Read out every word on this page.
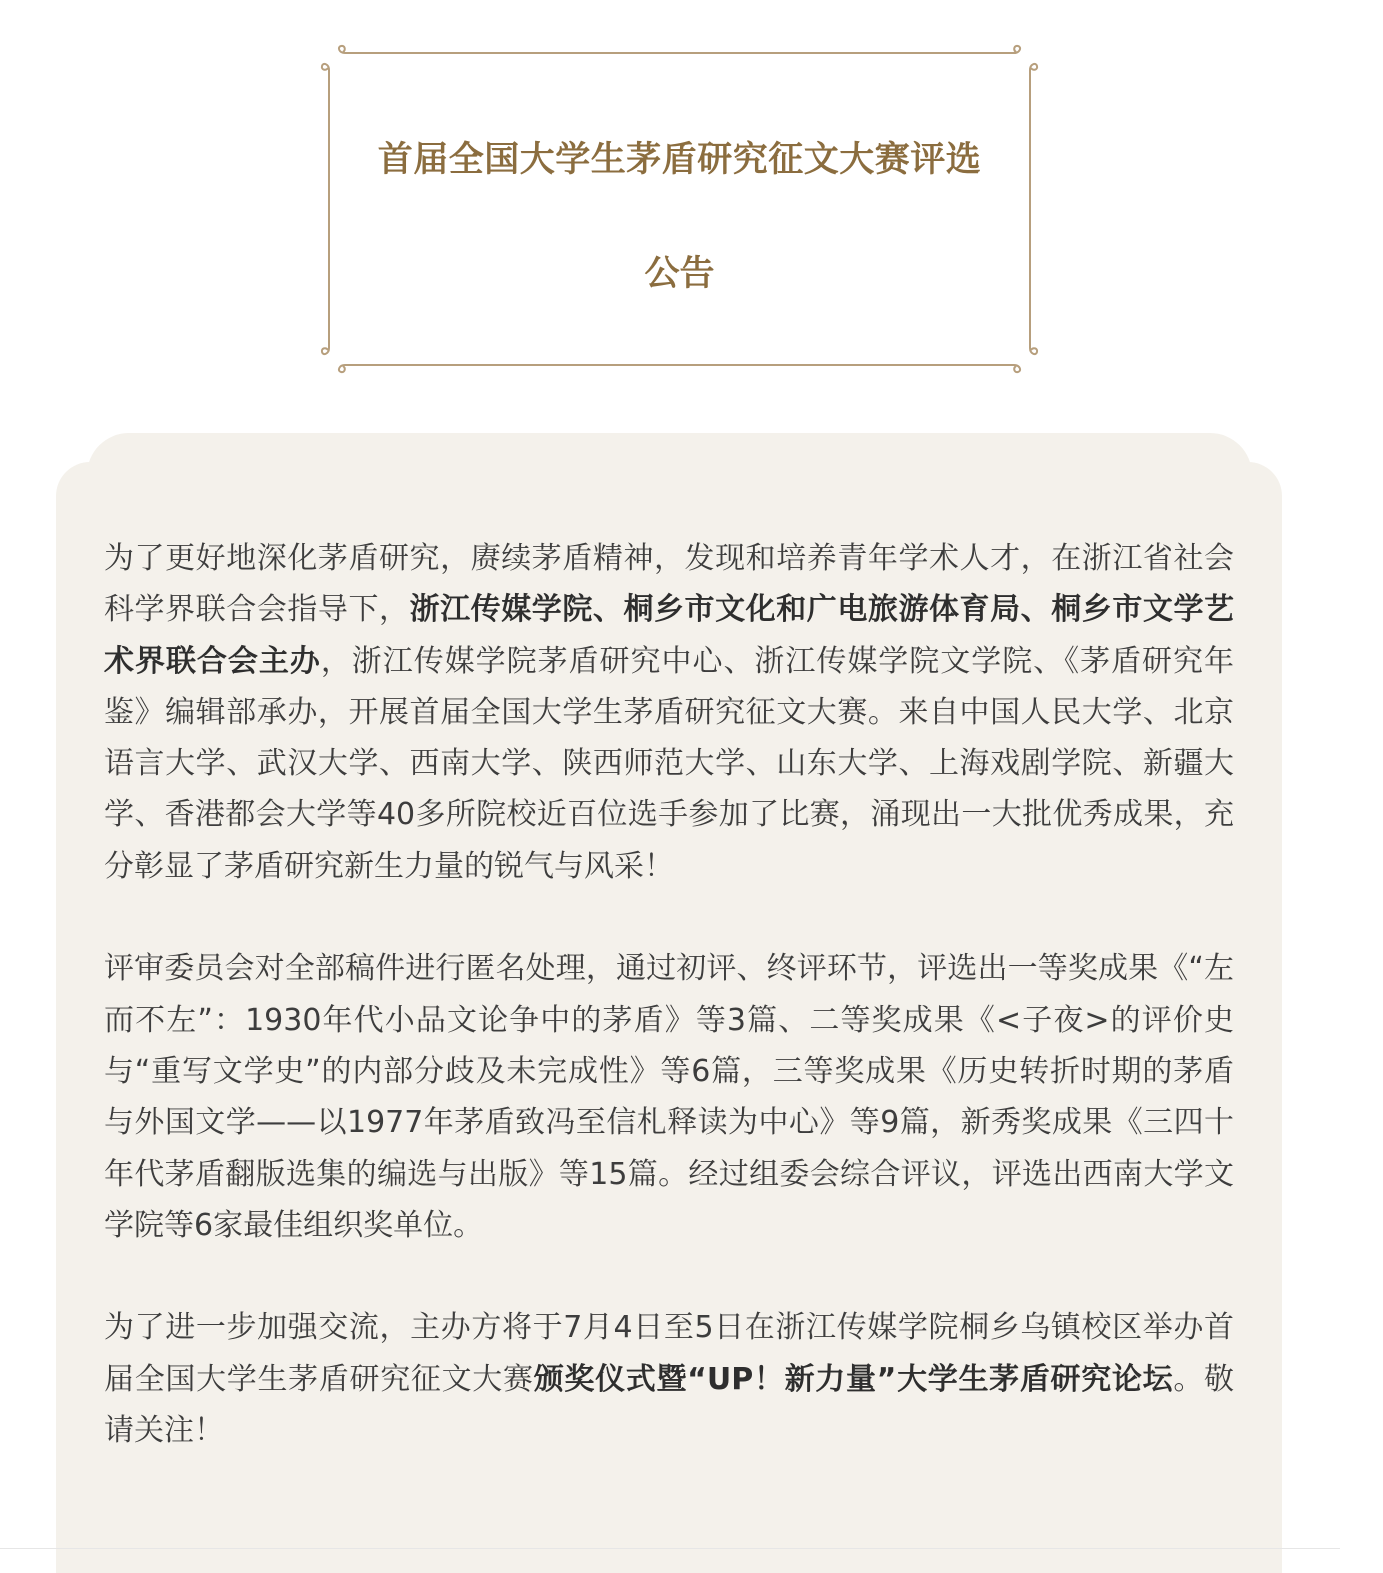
首届全国大学生茅盾研究征文大赛评选
公告

为了更好地深化茅盾研究，赓续茅盾精神，发现和培养青年学术人才，在浙江省社会科学界联合会指导下，浙江传媒学院、桐乡市文化和广电旅游体育局、桐乡市文学艺术界联合会主办，浙江传媒学院茅盾研究中心、浙江传媒学院文学院、《茅盾研究年鉴》编辑部承办，开展首届全国大学生茅盾研究征文大赛。来自中国人民大学、北京语言大学、武汉大学、西南大学、陕西师范大学、山东大学、上海戏剧学院、新疆大学、香港都会大学等40多所院校近百位选手参加了比赛，涌现出一大批优秀成果，充分彰显了茅盾研究新生力量的锐气与风采！

评审委员会对全部稿件进行匿名处理，通过初评、终评环节，评选出一等奖成果《“左而不左”：1930年代小品文论争中的茅盾》等3篇、二等奖成果《<子夜>的评价史与“重写文学史”的内部分歧及未完成性》等6篇，三等奖成果《历史转折时期的茅盾与外国文学——以1977年茅盾致冯至信札释读为中心》等9篇，新秀奖成果《三四十年代茅盾翻版选集的编选与出版》等15篇。经过组委会综合评议，评选出西南大学文学院等6家最佳组织奖单位。

为了进一步加强交流，主办方将于7月4日至5日在浙江传媒学院桐乡乌镇校区举办首届全国大学生茅盾研究征文大赛颁奖仪式暨“UP！新力量”大学生茅盾研究论坛。敬请关注！
